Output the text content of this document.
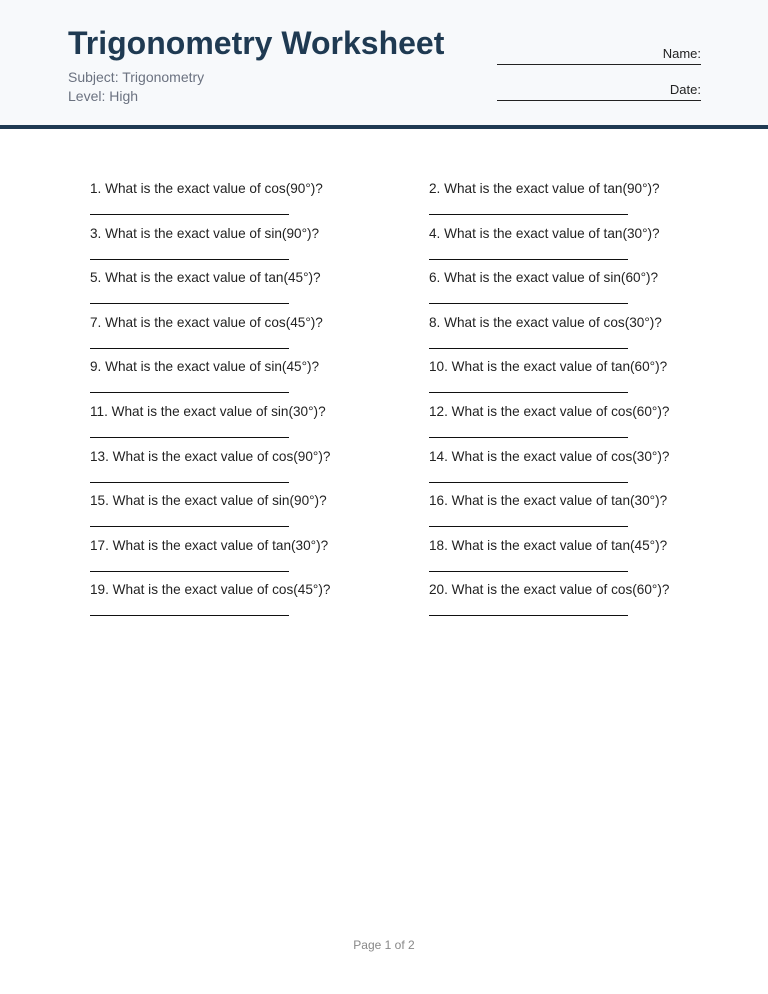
Trigonometry Worksheet
Subject: Trigonometry
Level: High
Name:
Date:
1. What is the exact value of cos(90°)?	2. What is the exact value of tan(90°)?
3. What is the exact value of sin(90°)?	4. What is the exact value of tan(30°)?
5. What is the exact value of tan(45°)?	6. What is the exact value of sin(60°)?
7. What is the exact value of cos(45°)?	8. What is the exact value of cos(30°)?
9. What is the exact value of sin(45°)?	10. What is the exact value of tan(60°)?
11. What is the exact value of sin(30°)?	12. What is the exact value of cos(60°)?
13. What is the exact value of cos(90°)?	14. What is the exact value of cos(30°)?
15. What is the exact value of sin(90°)?	16. What is the exact value of tan(30°)?
17. What is the exact value of tan(30°)?	18. What is the exact value of tan(45°)?
19. What is the exact value of cos(45°)?	20. What is the exact value of cos(60°)?
Page 1 of 2
